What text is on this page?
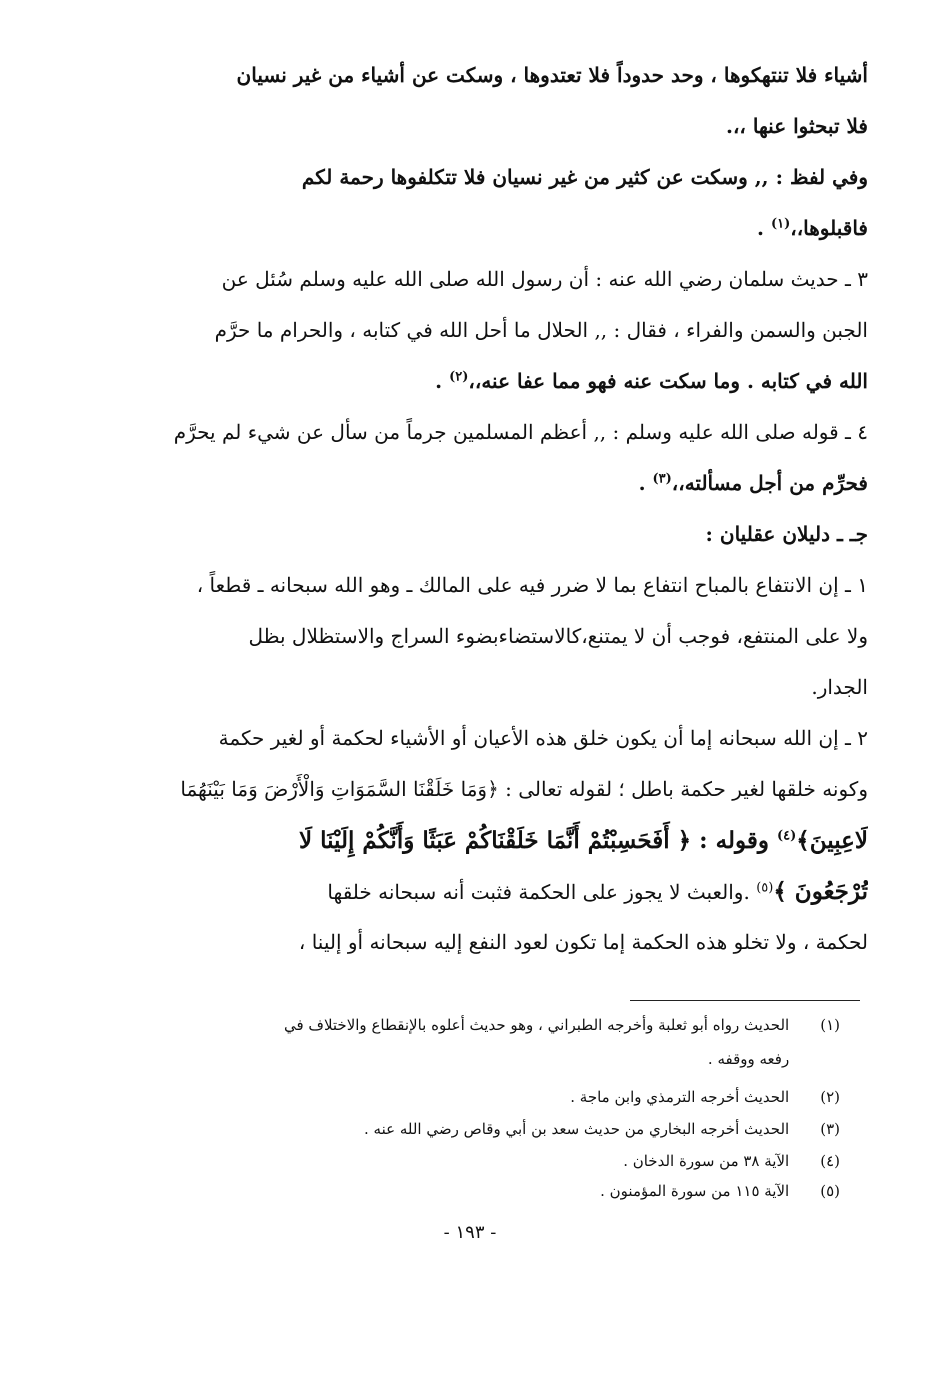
أشياء فلا تنتهكوها ، وحد حدوداً فلا تعتدوها ، وسكت عن أشياء من غير نسيان
فلا تبحثوا عنها ،،.
وفي لفظ : ,, وسكت عن كثير من غير نسيان فلا تتكلفوها رحمة لكم
فاقبلوها،،$^{(١)}$ .
٣ ـ حديث سلمان رضي الله عنه : أن رسول الله صلى الله عليه وسلم سُئل عن
الجبن والسمن والفراء ، فقال : ,, الحلال ما أحل الله في كتابه ، والحرام ما حرَّم
الله في كتابه . وما سكت عنه فهو مما عفا عنه،،$^{(٢)}$ .
٤ ـ قوله صلى الله عليه وسلم : ,, أعظم المسلمين جرماً من سأل عن شيء لم يحرَّم
فحرِّم من أجل مسألته،،$^{(٣)}$ .
جـ ـ دليلان عقليان :
١ ـ إن الانتفاع بالمباح انتفاع بما لا ضرر فيه على المالك ـ وهو الله سبحانه ـ قطعاً ،
ولا على المنتفع، فوجب أن لا يمتنع،كالاستضاءبضوء السراج والاستظلال بظل
الجدار.
٢ ـ إن الله سبحانه إما أن يكون خلق هذه الأعيان أو الأشياء لحكمة أو لغير حكمة
وكونه خلقها لغير حكمة باطل ؛ لقوله تعالى : ﴿وَمَا خَلَقْنَا السَّمَوَاتِ وَالْأَرْضَ وَمَا بَيْنَهُمَا
لَاعِبِينَ﴾$^{(٤)}$ وقوله : ﴿ أَفَحَسِبْتُمْ أَنَّمَا خَلَقْنَاكُمْ عَبَثًا وَأَنَّكُمْ إِلَيْنَا لَا
تُرْجَعُونَ ﴾$^{(٥)}$ .والعبث لا يجوز على الحكمة فثبت أنه سبحانه خلقها
لحكمة ، ولا تخلو هذه الحكمة إما تكون لعود النفع إليه سبحانه أو إلينا ،
(١) الحديث رواه أبو ثعلبة وأخرجه الطبراني ، وهو حديث أعلوه بالإنقطاع والاختلاف في
رفعه ووقفه .
(٢) الحديث أخرجه الترمذي وابن ماجة .
(٣) الحديث أخرجه البخاري من حديث سعد بن أبي وقاص رضي الله عنه .
(٤) الآية ٣٨ من سورة الدخان .
(٥) الآية ١١٥ من سورة المؤمنون .
- ١٩٣ -
